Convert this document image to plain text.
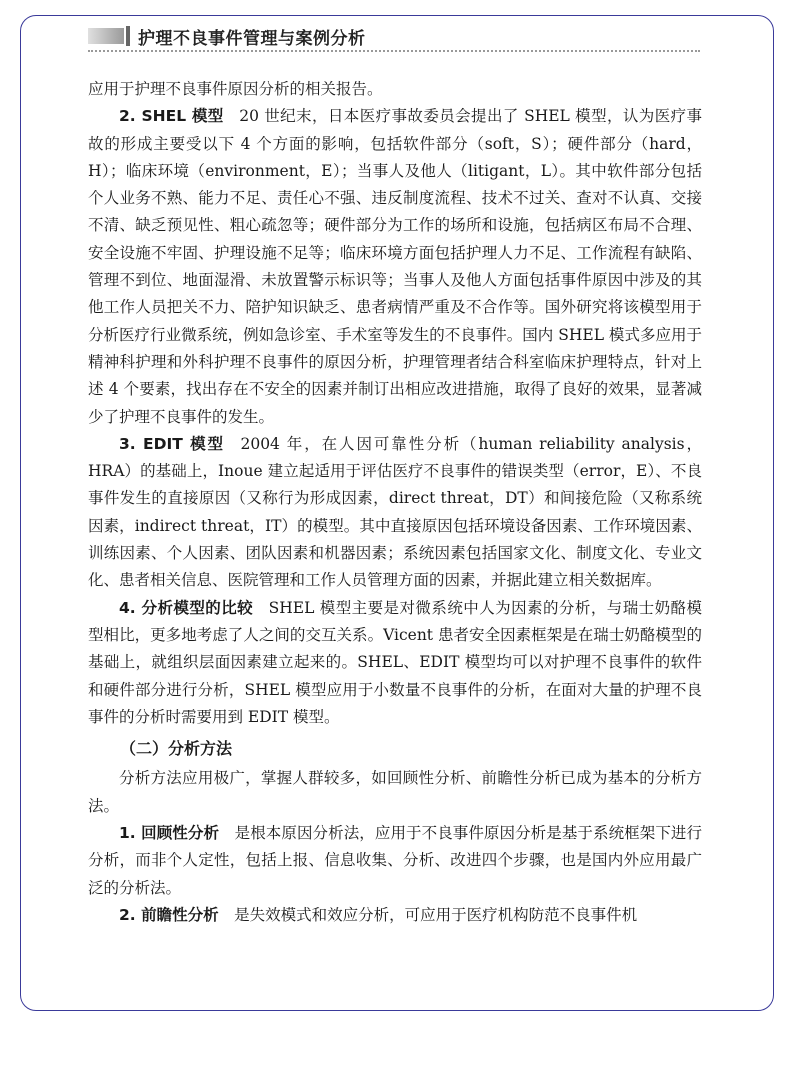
护理不良事件管理与案例分析

应用于护理不良事件原因分析的相关报告。

2. SHEL 模型  20 世纪末，日本医疗事故委员会提出了 SHEL 模型，认为医疗事故的形成主要受以下 4 个方面的影响，包括软件部分（soft，S）；硬件部分（hard，H）；临床环境（environment，E）；当事人及他人（litigant，L）。其中软件部分包括个人业务不熟、能力不足、责任心不强、违反制度流程、技术不过关、查对不认真、交接不清、缺乏预见性、粗心疏忽等；硬件部分为工作的场所和设施，包括病区布局不合理、安全设施不牢固、护理设施不足等；临床环境方面包括护理人力不足、工作流程有缺陷、管理不到位、地面湿滑、未放置警示标识等；当事人及他人方面包括事件原因中涉及的其他工作人员把关不力、陪护知识缺乏、患者病情严重及不合作等。国外研究将该模型用于分析医疗行业微系统，例如急诊室、手术室等发生的不良事件。国内 SHEL 模式多应用于精神科护理和外科护理不良事件的原因分析，护理管理者结合科室临床护理特点，针对上述 4 个要素，找出存在不安全的因素并制订出相应改进措施，取得了良好的效果，显著减少了护理不良事件的发生。

3. EDIT 模型  2004 年，在人因可靠性分析（human reliability analysis，HRA）的基础上，Inoue 建立起适用于评估医疗不良事件的错误类型（error，E）、不良事件发生的直接原因（又称行为形成因素，direct threat，DT）和间接危险（又称系统因素，indirect threat，IT）的模型。其中直接原因包括环境设备因素、工作环境因素、训练因素、个人因素、团队因素和机器因素；系统因素包括国家文化、制度文化、专业文化、患者相关信息、医院管理和工作人员管理方面的因素，并据此建立相关数据库。

4. 分析模型的比较  SHEL 模型主要是对微系统中人为因素的分析，与瑞士奶酪模型相比，更多地考虑了人之间的交互关系。Vicent 患者安全因素框架是在瑞士奶酪模型的基础上，就组织层面因素建立起来的。SHEL、EDIT 模型均可以对护理不良事件的软件和硬件部分进行分析，SHEL 模型应用于小数量不良事件的分析，在面对大量的护理不良事件的分析时需要用到 EDIT 模型。

（二）分析方法

分析方法应用极广，掌握人群较多，如回顾性分析、前瞻性分析已成为基本的分析方法。

1. 回顾性分析  是根本原因分析法，应用于不良事件原因分析是基于系统框架下进行分析，而非个人定性，包括上报、信息收集、分析、改进四个步骤，也是国内外应用最广泛的分析法。

2. 前瞻性分析  是失效模式和效应分析，可应用于医疗机构防范不良事件机
